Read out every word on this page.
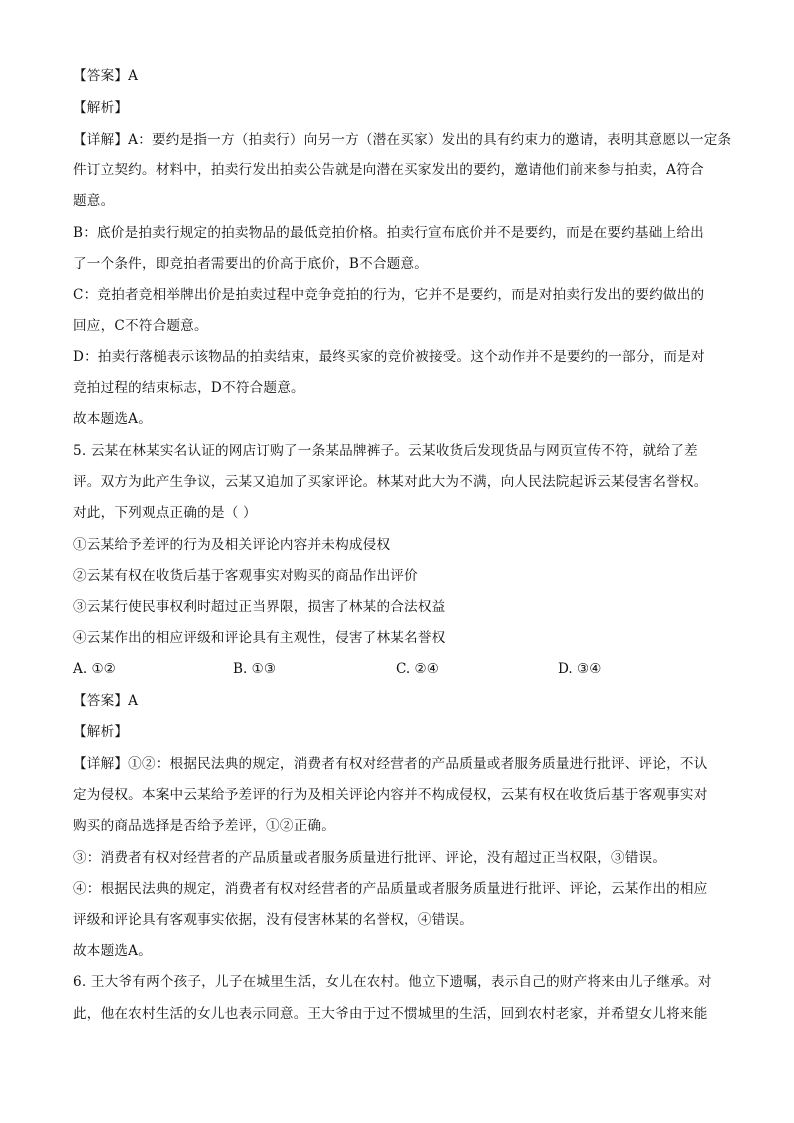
【答案】A
【解析】
【详解】A：要约是指一方（拍卖行）向另一方（潜在买家）发出的具有约束力的邀请，表明其意愿以一定条
件订立契约。材料中，拍卖行发出拍卖公告就是向潜在买家发出的要约，邀请他们前来参与拍卖，A符合
题意。
B：底价是拍卖行规定的拍卖物品的最低竞拍价格。拍卖行宣布底价并不是要约，而是在要约基础上给出
了一个条件，即竞拍者需要出的价高于底价，B不合题意。
C：竞拍者竞相举牌出价是拍卖过程中竞争竞拍的行为，它并不是要约，而是对拍卖行发出的要约做出的
回应，C不符合题意。
D：拍卖行落槌表示该物品的拍卖结束，最终买家的竞价被接受。这个动作并不是要约的一部分，而是对
竞拍过程的结束标志，D不符合题意。
故本题选A。
5. 云某在林某实名认证的网店订购了一条某品牌裤子。云某收货后发现货品与网页宣传不符，就给了差
评。双方为此产生争议，云某又追加了买家评论。林某对此大为不满，向人民法院起诉云某侵害名誉权。
对此，下列观点正确的是（ ）
①云某给予差评的行为及相关评论内容并未构成侵权
②云某有权在收货后基于客观事实对购买的商品作出评价
③云某行使民事权利时超过正当界限，损害了林某的合法权益
④云某作出的相应评级和评论具有主观性，侵害了林某名誉权
A. ①②	B. ①③	C. ②④	D. ③④
【答案】A
【解析】
【详解】①②：根据民法典的规定，消费者有权对经营者的产品质量或者服务质量进行批评、评论，不认
定为侵权。本案中云某给予差评的行为及相关评论内容并不构成侵权，云某有权在收货后基于客观事实对
购买的商品选择是否给予差评，①②正确。
③：消费者有权对经营者的产品质量或者服务质量进行批评、评论，没有超过正当权限，③错误。
④：根据民法典的规定，消费者有权对经营者的产品质量或者服务质量进行批评、评论，云某作出的相应
评级和评论具有客观事实依据，没有侵害林某的名誉权，④错误。
故本题选A。
6. 王大爷有两个孩子，儿子在城里生活，女儿在农村。他立下遗嘱，表示自己的财产将来由儿子继承。对
此，他在农村生活的女儿也表示同意。王大爷由于过不惯城里的生活，回到农村老家，并希望女儿将来能
